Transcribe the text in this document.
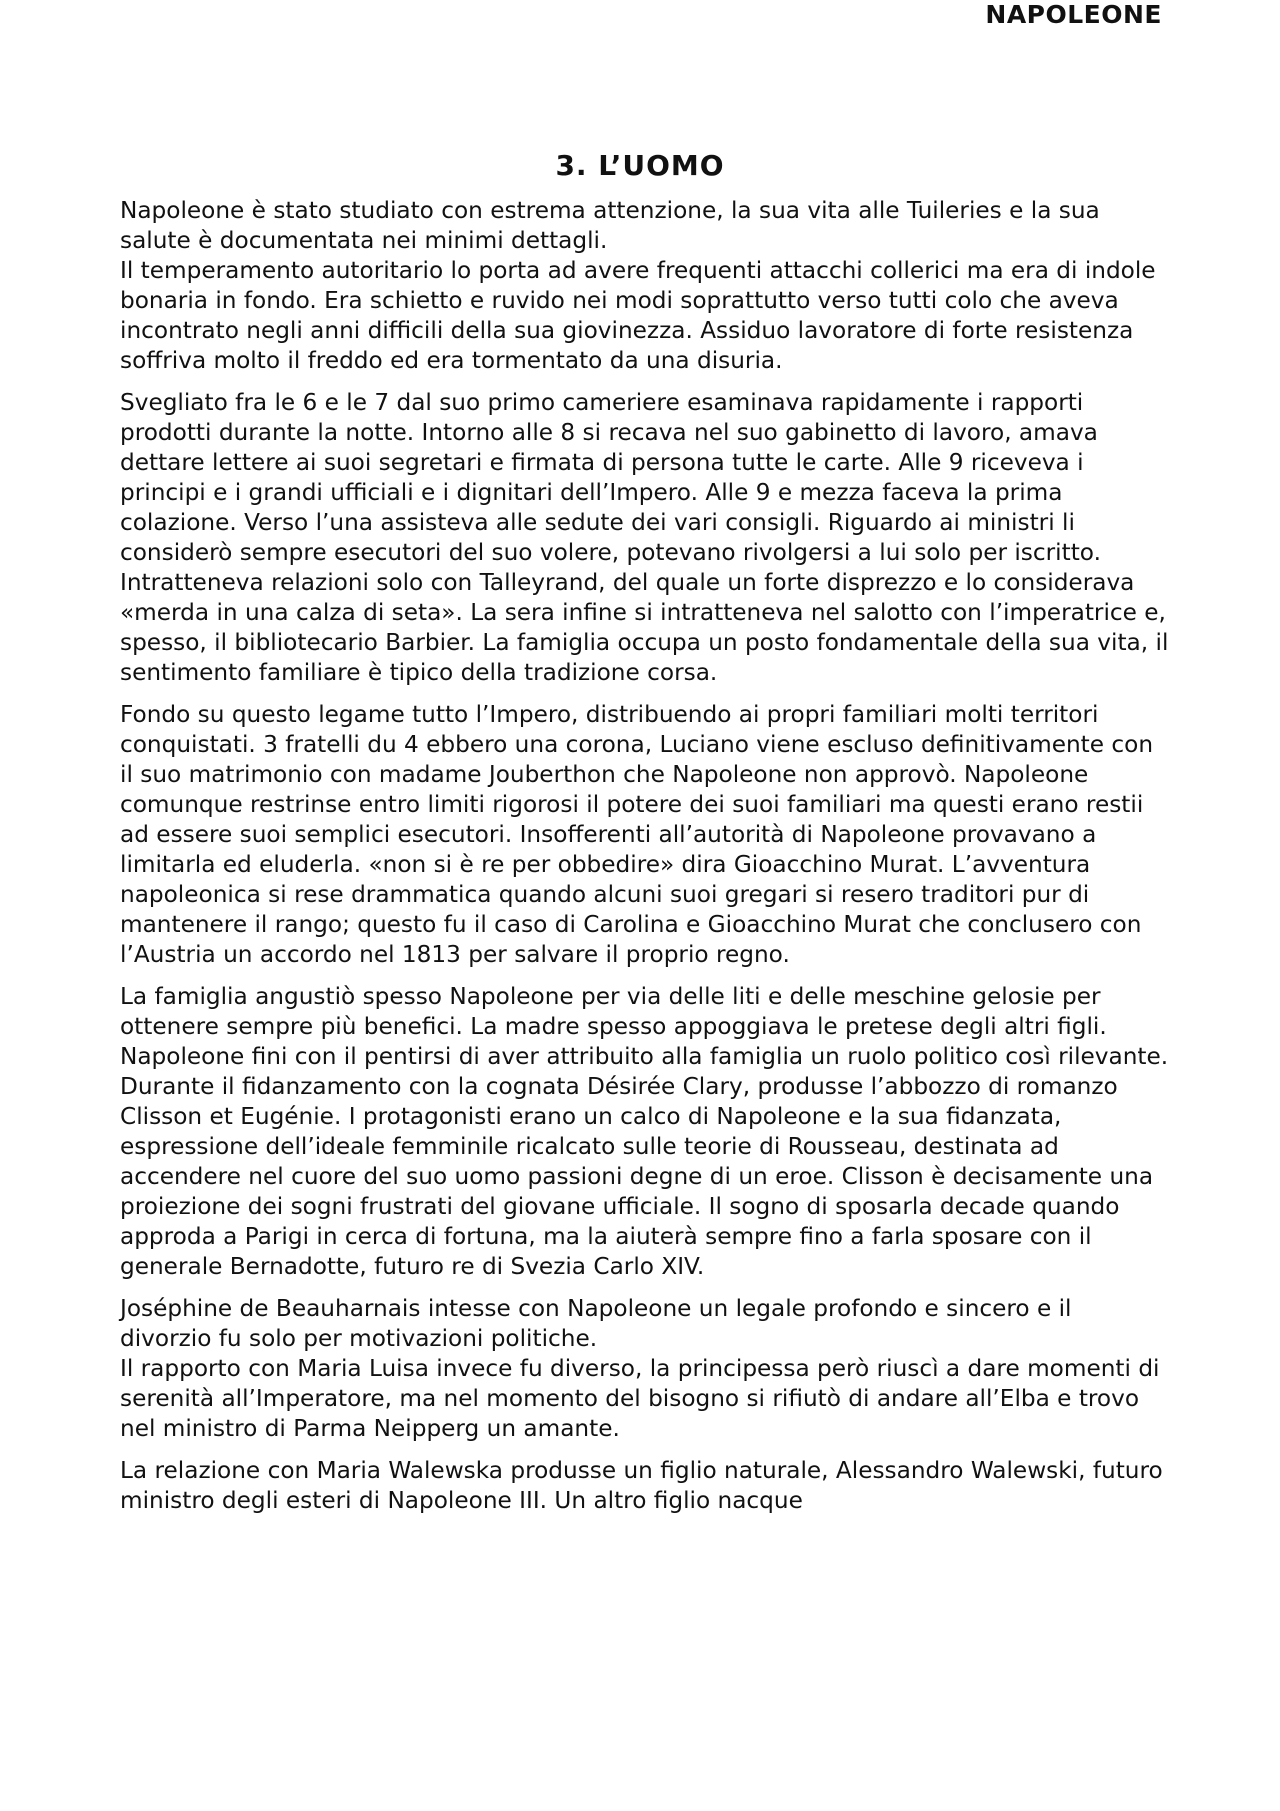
NAPOLEONE
3. L’UOMO

Napoleone è stato studiato con estrema attenzione, la sua vita alle Tuileries e la sua salute è documentata nei minimi dettagli.

Il temperamento autoritario lo porta ad avere frequenti attacchi collerici ma era di indole bonaria in fondo. Era schietto e ruvido nei modi soprattutto verso tutti colo che aveva incontrato negli anni difficili della sua giovinezza. Assiduo lavoratore di forte resistenza soffriva molto il freddo ed era tormentato da una disuria.

Svegliato fra le 6 e le 7 dal suo primo cameriere esaminava rapidamente i rapporti prodotti durante la notte. Intorno alle 8 si recava nel suo gabinetto di lavoro, amava dettare lettere ai suoi segretari e firmata di persona tutte le carte. Alle 9 riceveva i principi e i grandi ufficiali e i dignitari dell’Impero. Alle 9 e mezza faceva la prima colazione. Verso l’una assisteva alle sedute dei vari consigli. Riguardo ai ministri li considerò sempre esecutori del suo volere, potevano rivolgersi a lui solo per iscritto. Intratteneva relazioni solo con Talleyrand, del quale un forte disprezzo e lo considerava «merda in una calza di seta». La sera infine si intratteneva nel salotto con l’imperatrice e, spesso, il bibliotecario Barbier. La famiglia occupa un posto fondamentale della sua vita, il sentimento familiare è tipico della tradizione corsa.

Fondo su questo legame tutto l’Impero, distribuendo ai propri familiari molti territori conquistati. 3 fratelli du 4 ebbero una corona, Luciano viene escluso definitivamente con il suo matrimonio con madame Jouberthon che Napoleone non approvò. Napoleone comunque restrinse entro limiti rigorosi il potere dei suoi familiari ma questi erano restii ad essere suoi semplici esecutori. Insofferenti all’autorità di Napoleone provavano a limitarla ed eluderla. «non si è re per obbedire» dira Gioacchino Murat. L’avventura napoleonica si rese drammatica quando alcuni suoi gregari si resero traditori pur di mantenere il rango; questo fu il caso di Carolina e Gioacchino Murat che conclusero con l’Austria un accordo nel 1813 per salvare il proprio regno.

La famiglia angustiò spesso Napoleone per via delle liti e delle meschine gelosie per ottenere sempre più benefici. La madre spesso appoggiava le pretese degli altri figli. Napoleone fini con il pentirsi di aver attribuito alla famiglia un ruolo politico così rilevante.

Durante il fidanzamento con la cognata Désirée Clary, produsse l’abbozzo di romanzo Clisson et Eugénie. I protagonisti erano un calco di Napoleone e la sua fidanzata, espressione dell’ideale femminile ricalcato sulle teorie di Rousseau, destinata ad accendere nel cuore del suo uomo passioni degne di un eroe. Clisson è decisamente una proiezione dei sogni frustrati del giovane ufficiale. Il sogno di sposarla decade quando approda a Parigi in cerca di fortuna, ma la aiuterà sempre fino a farla sposare con il generale Bernadotte, futuro re di Svezia Carlo XIV.

Joséphine de Beauharnais intesse con Napoleone un legale profondo e sincero e il divorzio fu solo per motivazioni politiche.

Il rapporto con Maria Luisa invece fu diverso, la principessa però riuscì a dare momenti di serenità all’Imperatore, ma nel momento del bisogno si rifiutò di andare all’Elba e trovo nel ministro di Parma Neipperg un amante.

La relazione con Maria Walewska produsse un figlio naturale, Alessandro Walewski, futuro ministro degli esteri di Napoleone III. Un altro figlio nacque
